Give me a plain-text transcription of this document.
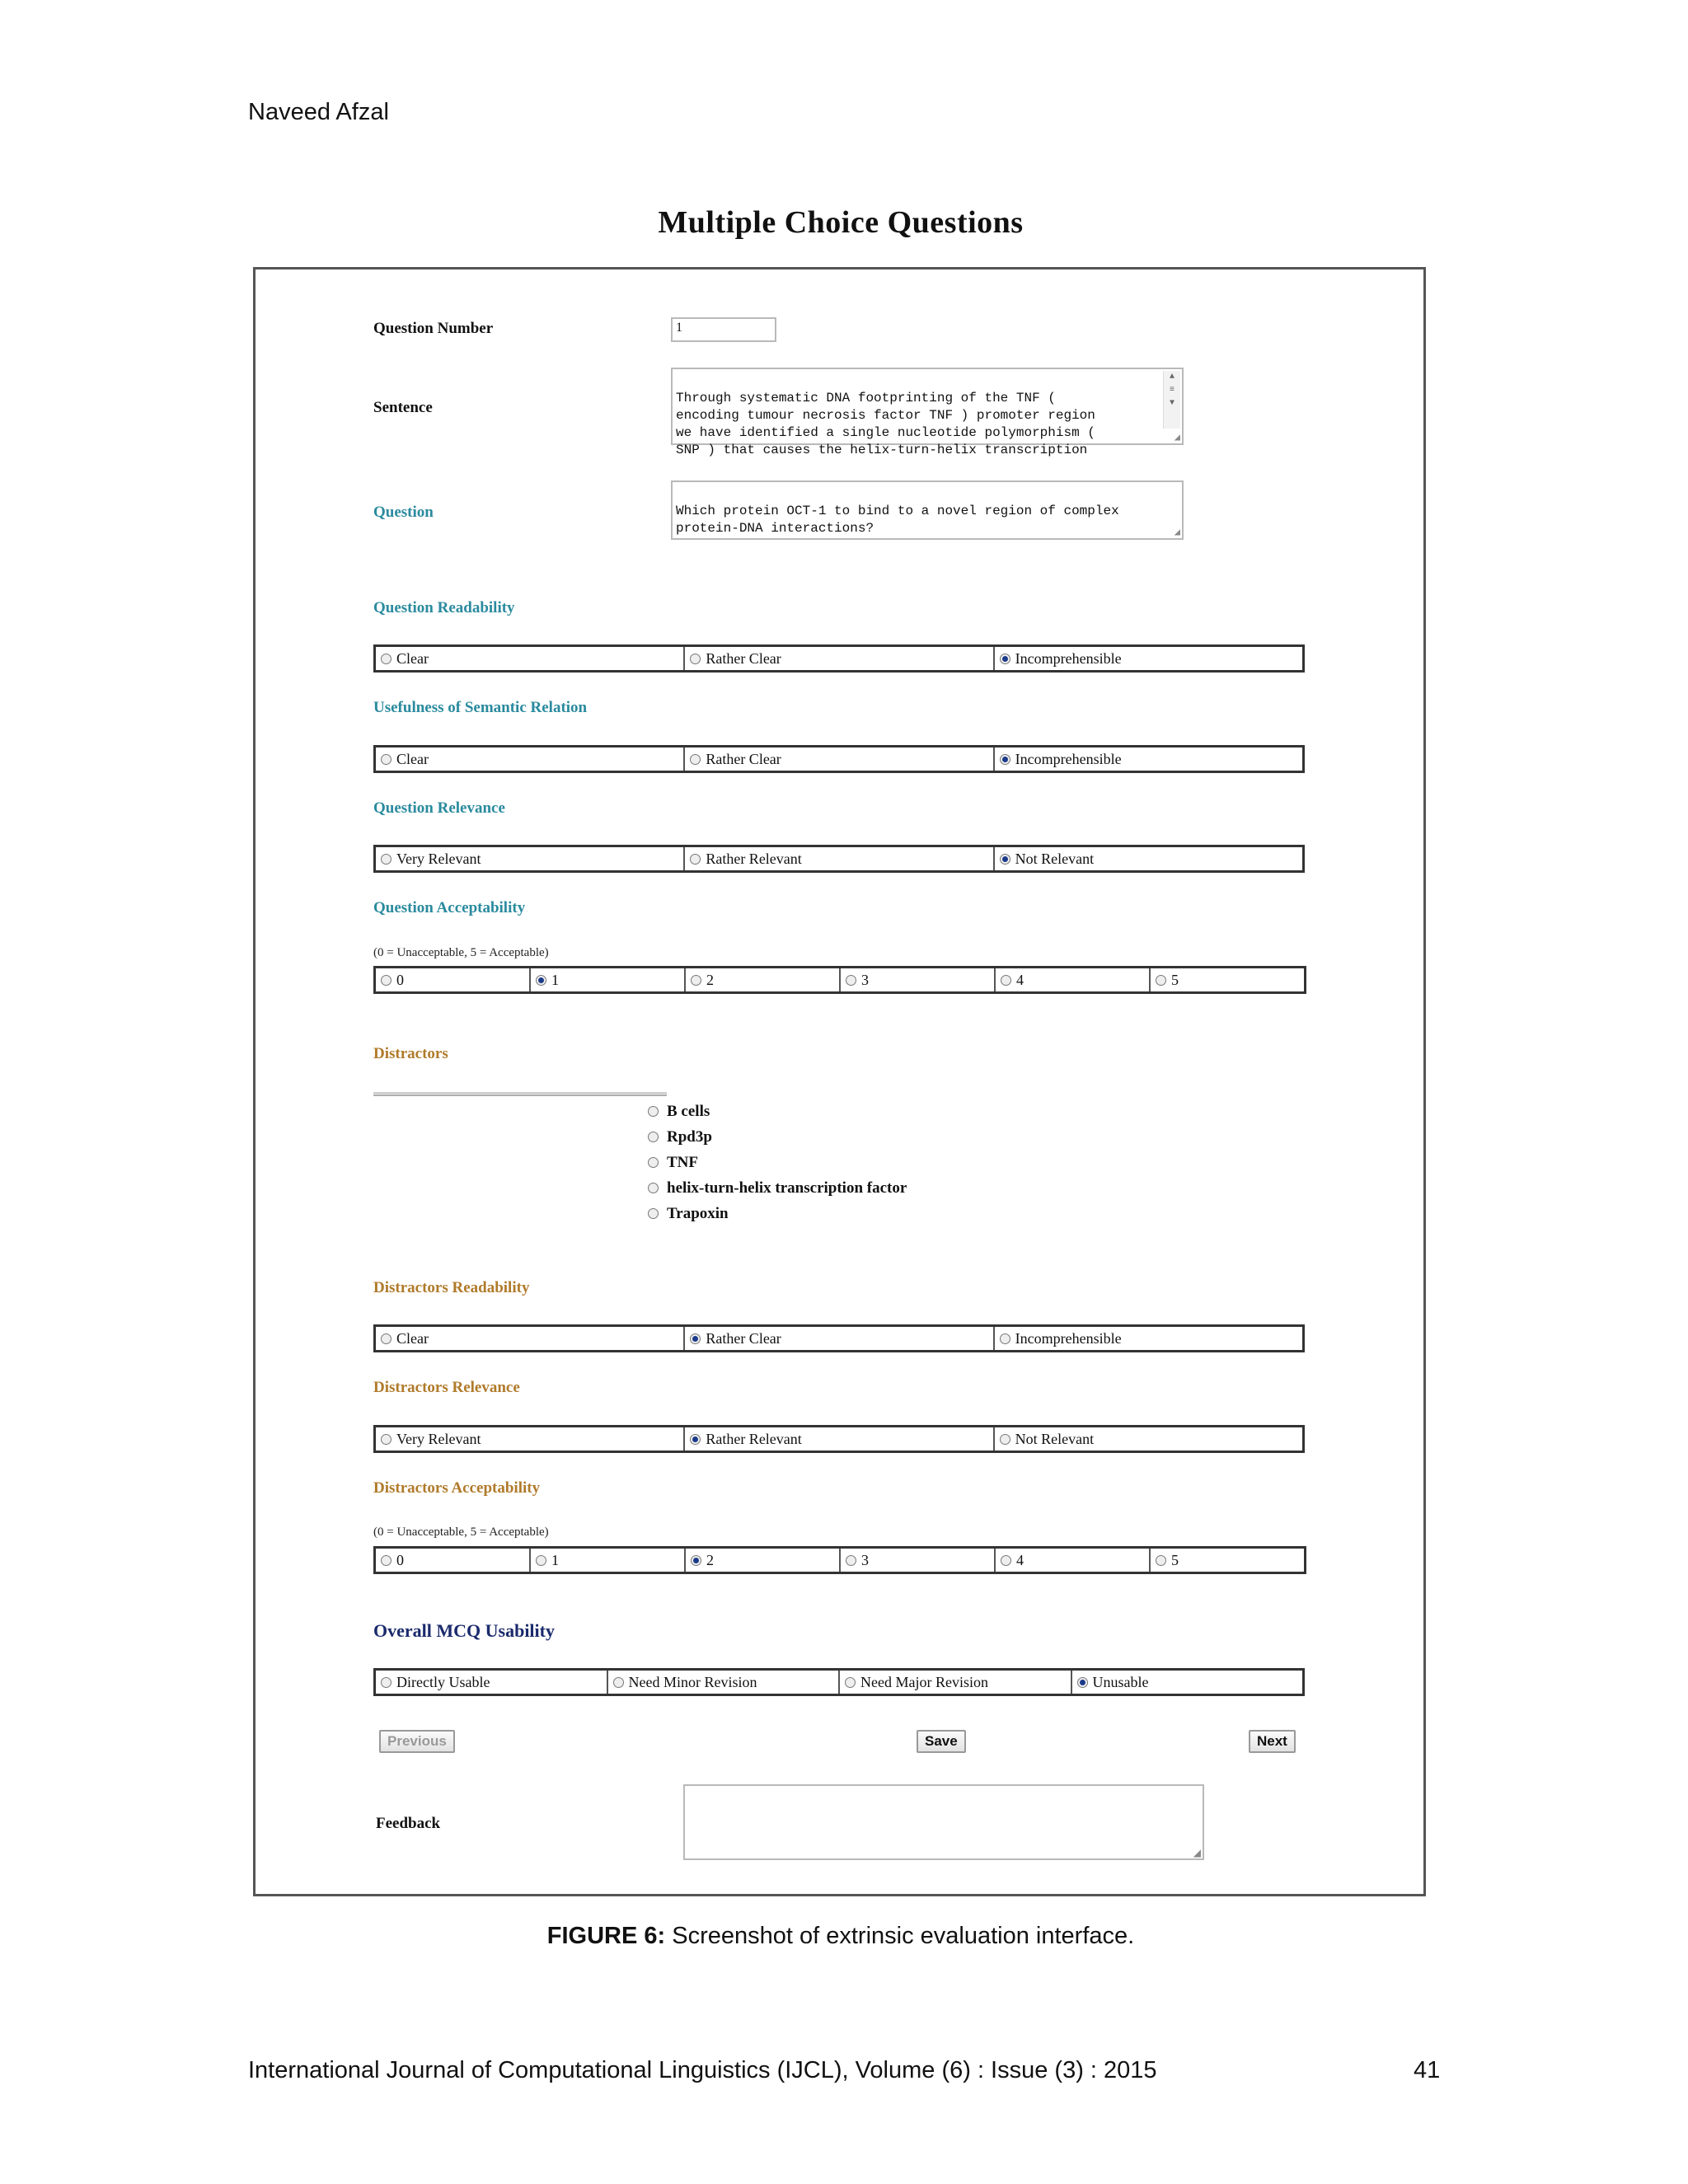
Naveed Afzal
Multiple Choice Questions
Question Number	1
Sentence

Through systematic DNA footprinting of the TNF (
encoding tumour necrosis factor TNF ) promoter region
we have identified a single nucleotide polymorphism (
SNP ) that causes the helix-turn-helix transcription

▲
≡
▼

◢

Question	Which protein OCT-1 to bind to a novel region of complex
protein-DNA interactions?	◢

Question Readability
Clear	Rather Clear	Incomprehensible
Usefulness of Semantic Relation
Clear	Rather Clear	Incomprehensible
Question Relevance
Very Relevant	Rather Relevant	Not Relevant
Question Acceptability
(0 = Unacceptable, 5 = Acceptable)
0	1	2	3	4	5
Distractors
B cells
Rpd3p
TNF
helix-turn-helix transcription factor
Trapoxin
Distractors Readability
Clear	Rather Clear	Incomprehensible
Distractors Relevance
Very Relevant	Rather Relevant	Not Relevant
Distractors Acceptability
(0 = Unacceptable, 5 = Acceptable)
0	1	2	3	4	5
Overall MCQ Usability
Directly Usable	Need Minor Revision	Need Major Revision	Unusable
Previous	Save	Next
Feedback

◢

FIGURE 6: Screenshot of extrinsic evaluation interface.
International Journal of Computational Linguistics (IJCL), Volume (6) : Issue (3) : 2015	41
